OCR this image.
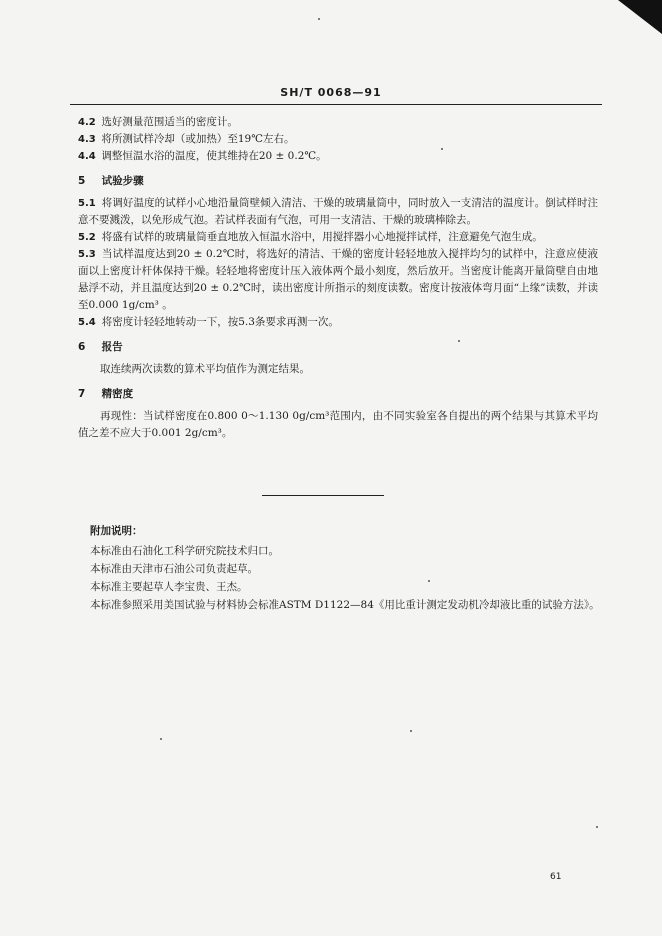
SH/T 0068—91

4.2 选好测量范围适当的密度计。

4.3 将所测试样冷却（或加热）至19℃左右。

4.4 调整恒温水浴的温度，使其维持在20 ± 0.2℃。

5 试验步骤

5.1 将调好温度的试样小心地沿量筒壁倾入清洁、干燥的玻璃量筒中，同时放入一支清洁的温度计。倒试样时注意不要溅泼，以免形成气泡。若试样表面有气泡，可用一支清洁、干燥的玻璃棒除去。

5.2 将盛有试样的玻璃量筒垂直地放入恒温水浴中，用搅拌器小心地搅拌试样，注意避免气泡生成。

5.3 当试样温度达到20 ± 0.2℃时，将选好的清洁、干燥的密度计轻轻地放入搅拌均匀的试样中，注意应使液面以上密度计杆体保持干燥。轻轻地将密度计压入液体两个最小刻度，然后放开。当密度计能离开量筒壁自由地悬浮不动，并且温度达到20 ± 0.2℃时，读出密度计所指示的刻度读数。密度计按液体弯月面“上缘”读数，并读至0.000 1g/cm³ 。

5.4 将密度计轻轻地转动一下，按5.3条要求再测一次。

6 报告

取连续两次读数的算术平均值作为测定结果。

7 精密度

再现性：当试样密度在0.800 0～1.130 0g/cm³范围内，由不同实验室各自提出的两个结果与其算术平均值之差不应大于0.001 2g/cm³。

附加说明：

本标准由石油化工科学研究院技术归口。

本标准由天津市石油公司负责起草。

本标准主要起草人李宝贵、王杰。

本标准参照采用美国试验与材料协会标准ASTM D1122—84《用比重计测定发动机冷却液比重的试验方法》。

61
